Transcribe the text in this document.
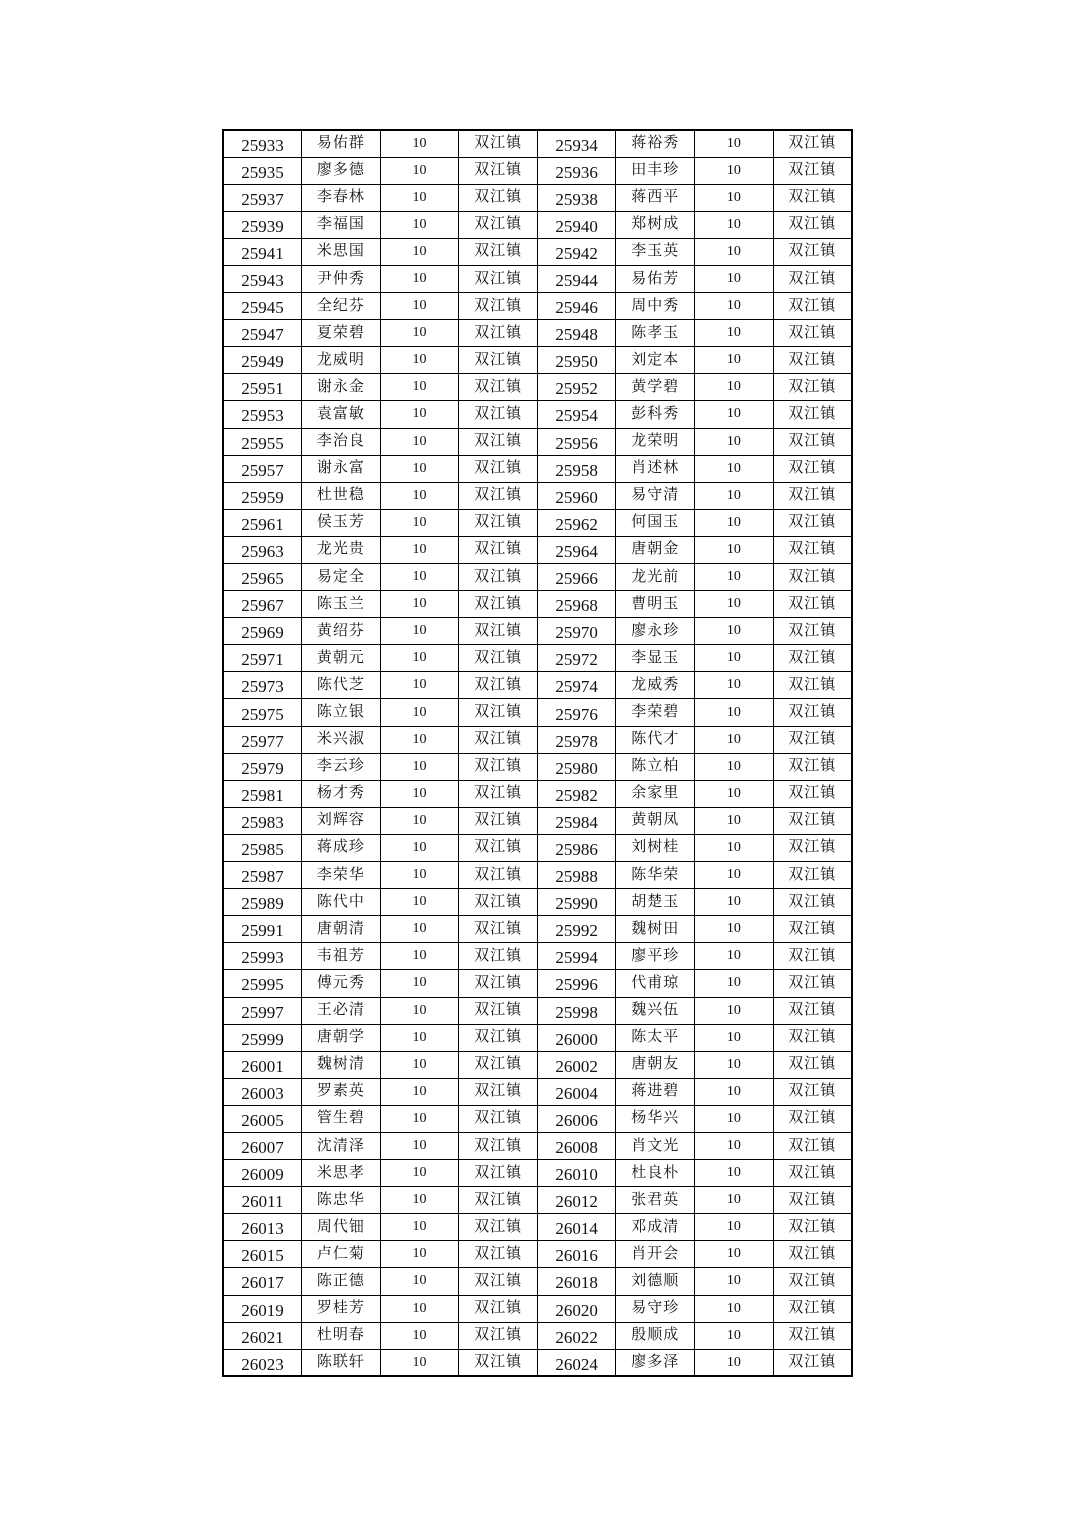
25933	易佑群	10	双江镇	25934	蒋裕秀	10	双江镇
25935	廖多德	10	双江镇	25936	田丰珍	10	双江镇
25937	李春林	10	双江镇	25938	蒋西平	10	双江镇
25939	李福国	10	双江镇	25940	郑树成	10	双江镇
25941	米思国	10	双江镇	25942	李玉英	10	双江镇
25943	尹仲秀	10	双江镇	25944	易佑芳	10	双江镇
25945	全纪芬	10	双江镇	25946	周中秀	10	双江镇
25947	夏荣碧	10	双江镇	25948	陈孝玉	10	双江镇
25949	龙威明	10	双江镇	25950	刘定本	10	双江镇
25951	谢永金	10	双江镇	25952	黄学碧	10	双江镇
25953	袁富敏	10	双江镇	25954	彭科秀	10	双江镇
25955	李治良	10	双江镇	25956	龙荣明	10	双江镇
25957	谢永富	10	双江镇	25958	肖述林	10	双江镇
25959	杜世稳	10	双江镇	25960	易守清	10	双江镇
25961	侯玉芳	10	双江镇	25962	何国玉	10	双江镇
25963	龙光贵	10	双江镇	25964	唐朝金	10	双江镇
25965	易定全	10	双江镇	25966	龙光前	10	双江镇
25967	陈玉兰	10	双江镇	25968	曹明玉	10	双江镇
25969	黄绍芬	10	双江镇	25970	廖永珍	10	双江镇
25971	黄朝元	10	双江镇	25972	李显玉	10	双江镇
25973	陈代芝	10	双江镇	25974	龙威秀	10	双江镇
25975	陈立银	10	双江镇	25976	李荣碧	10	双江镇
25977	米兴淑	10	双江镇	25978	陈代才	10	双江镇
25979	李云珍	10	双江镇	25980	陈立柏	10	双江镇
25981	杨才秀	10	双江镇	25982	余家里	10	双江镇
25983	刘辉容	10	双江镇	25984	黄朝凤	10	双江镇
25985	蒋成珍	10	双江镇	25986	刘树桂	10	双江镇
25987	李荣华	10	双江镇	25988	陈华荣	10	双江镇
25989	陈代中	10	双江镇	25990	胡楚玉	10	双江镇
25991	唐朝清	10	双江镇	25992	魏树田	10	双江镇
25993	韦祖芳	10	双江镇	25994	廖平珍	10	双江镇
25995	傅元秀	10	双江镇	25996	代甫琼	10	双江镇
25997	王必清	10	双江镇	25998	魏兴伍	10	双江镇
25999	唐朝学	10	双江镇	26000	陈太平	10	双江镇
26001	魏树清	10	双江镇	26002	唐朝友	10	双江镇
26003	罗素英	10	双江镇	26004	蒋进碧	10	双江镇
26005	管生碧	10	双江镇	26006	杨华兴	10	双江镇
26007	沈清泽	10	双江镇	26008	肖文光	10	双江镇
26009	米思孝	10	双江镇	26010	杜良朴	10	双江镇
26011	陈忠华	10	双江镇	26012	张君英	10	双江镇
26013	周代钿	10	双江镇	26014	邓成清	10	双江镇
26015	卢仁菊	10	双江镇	26016	肖开会	10	双江镇
26017	陈正德	10	双江镇	26018	刘德顺	10	双江镇
26019	罗桂芳	10	双江镇	26020	易守珍	10	双江镇
26021	杜明春	10	双江镇	26022	殷顺成	10	双江镇
26023	陈联轩	10	双江镇	26024	廖多泽	10	双江镇
